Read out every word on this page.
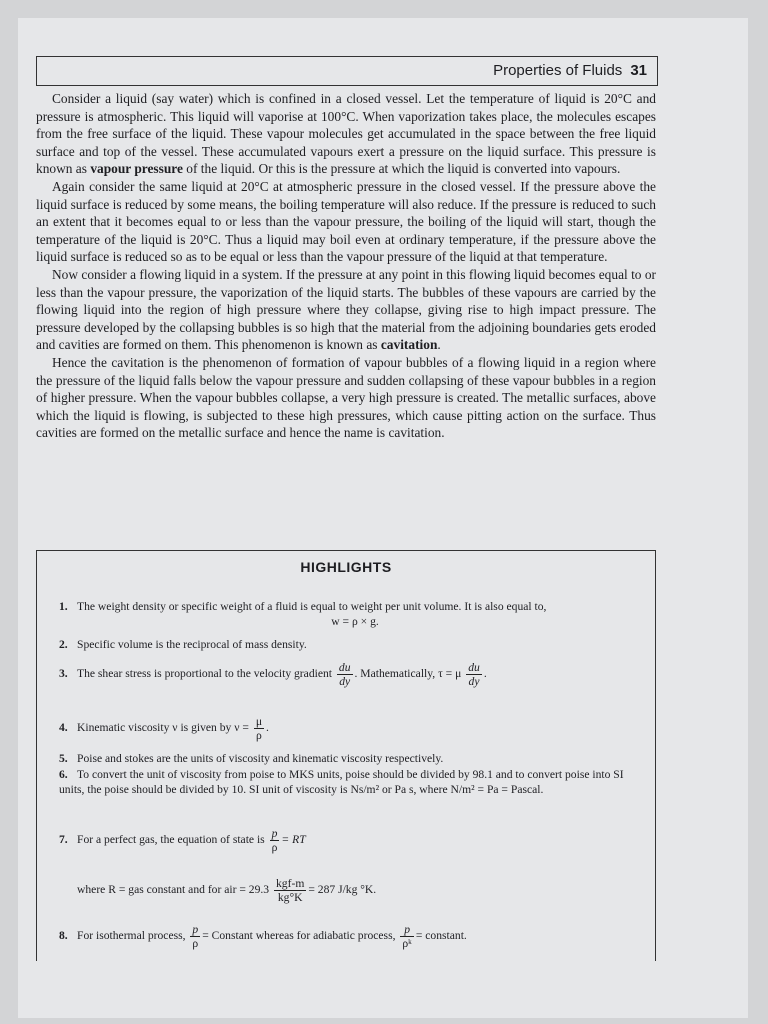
Properties of Fluids 31

Consider a liquid (say water) which is confined in a closed vessel. Let the temperature of liquid is 20°C and pressure is atmospheric. This liquid will vaporise at 100°C. When vaporization takes place, the molecules escapes from the free surface of the liquid. These vapour molecules get accumulated in the space between the free liquid surface and top of the vessel. These accumulated vapours exert a pressure on the liquid surface. This pressure is known as vapour pressure of the liquid. Or this is the pressure at which the liquid is converted into vapours.

Again consider the same liquid at 20°C at atmospheric pressure in the closed vessel. If the pressure above the liquid surface is reduced by some means, the boiling temperature will also reduce. If the pressure is reduced to such an extent that it becomes equal to or less than the vapour pressure, the boiling of the liquid will start, though the temperature of the liquid is 20°C. Thus a liquid may boil even at ordinary temperature, if the pressure above the liquid surface is reduced so as to be equal or less than the vapour pressure of the liquid at that temperature.

Now consider a flowing liquid in a system. If the pressure at any point in this flowing liquid becomes equal to or less than the vapour pressure, the vaporization of the liquid starts. The bubbles of these vapours are carried by the flowing liquid into the region of high pressure where they collapse, giving rise to high impact pressure. The pressure developed by the collapsing bubbles is so high that the material from the adjoining boundaries gets eroded and cavities are formed on them. This phenomenon is known as cavitation.

Hence the cavitation is the phenomenon of formation of vapour bubbles of a flowing liquid in a region where the pressure of the liquid falls below the vapour pressure and sudden collapsing of these vapour bubbles in a region of higher pressure. When the vapour bubbles collapse, a very high pressure is created. The metallic surfaces, above which the liquid is flowing, is subjected to these high pressures, which cause pitting action on the surface. Thus cavities are formed on the metallic surface and hence the name is cavitation.

HIGHLIGHTS
1. The weight density or specific weight of a fluid is equal to weight per unit volume. It is also equal to,
w = ρ × g.
2. Specific volume is the reciprocal of mass density.
3. The shear stress is proportional to the velocity gradient $\frac{du}{dy}$ . Mathematically, τ = μ $\frac{du}{dy}$ .
4. Kinematic viscosity ν is given by $\nu = \frac{\mu}{\rho}$ .
5. Poise and stokes are the units of viscosity and kinematic viscosity respectively.
6. To convert the unit of viscosity from poise to MKS units, poise should be divided by 98.1 and to convert poise into SI units, the poise should be divided by 10. SI unit of viscosity is Ns/m² or Pa s, where N/m² = Pa = Pascal.
7. For a perfect gas, the equation of state is $\frac{p}{\rho}$ = RT
where R = gas constant and for air = $29.3 \frac{\text{kgf-m}}{kg^\circ K} = 287$ J/kg °K.
8. For isothermal process, $\frac{p}{\rho}$ = Constant whereas for adiabatic process, $\frac{p}{\text{ρᵏ}}$ = constant.
